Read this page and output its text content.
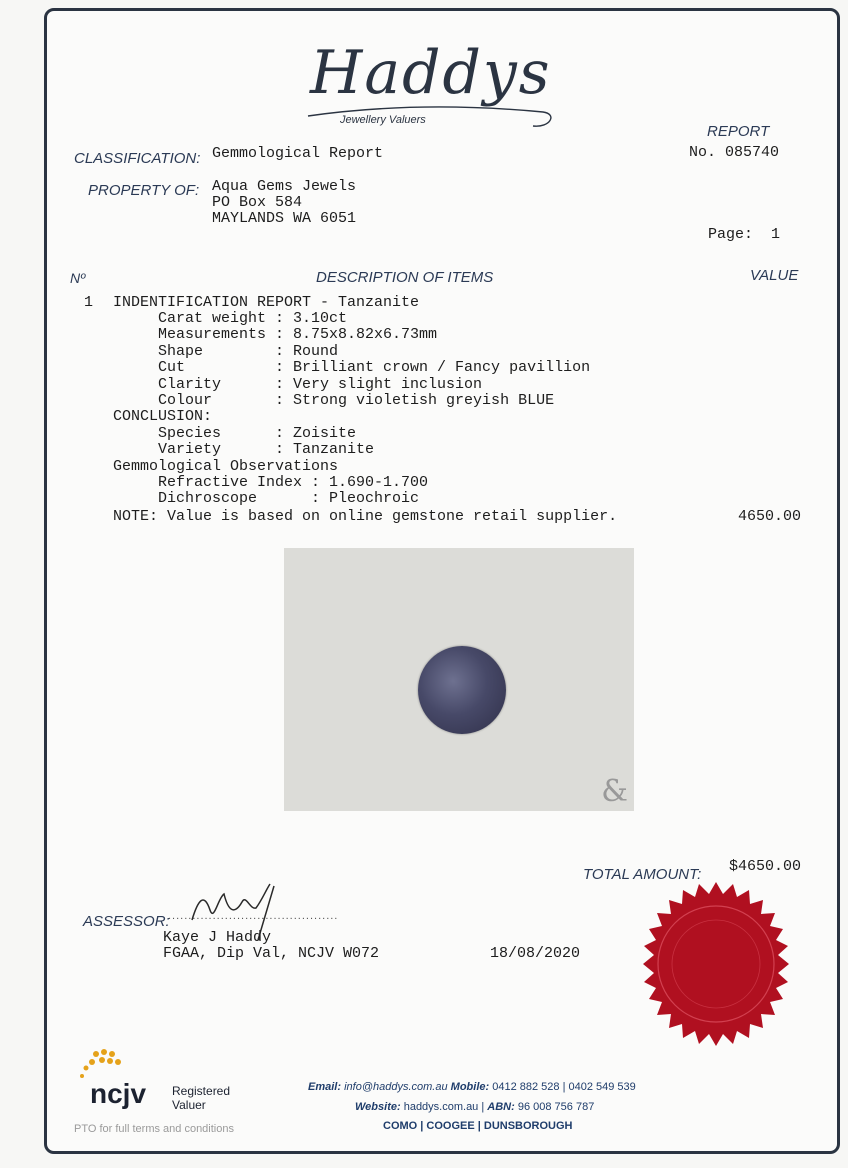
Haddys
Jewellery Valuers
REPORT
No. 085740
CLASSIFICATION: Gemmological Report
PROPERTY OF: Aqua Gems Jewels
PO Box 584
MAYLANDS WA 6051
Page:  1
Nº	DESCRIPTION OF ITEMS	VALUE
1 INDENTIFICATION REPORT - Tanzanite
Carat weight : 3.10ct
Measurements : 8.75x8.82x6.73mm
Shape        : Round
Cut          : Brilliant crown / Fancy pavillion
Clarity      : Very slight inclusion
Colour       : Strong violetish greyish BLUE
CONCLUSION:
Species      : Zoisite
Variety      : Tanzanite
Gemmological Observations
Refractive Index : 1.690-1.700
Dichroscope      : Pleochroic
NOTE: Value is based on online gemstone retail supplier.	4650.00
&
TOTAL AMOUNT: $4650.00
ASSESSOR:
..........................................
Kaye J Haddy
FGAA, Dip Val, NCJV W072	18/08/2020
ncjv Registered
Valuer
PTO for full terms and conditions
Email: info@haddys.com.au Mobile: 0412 882 528 | 0402 549 539
Website: haddys.com.au | ABN: 96 008 756 787
COMO | COOGEE | DUNSBOROUGH
